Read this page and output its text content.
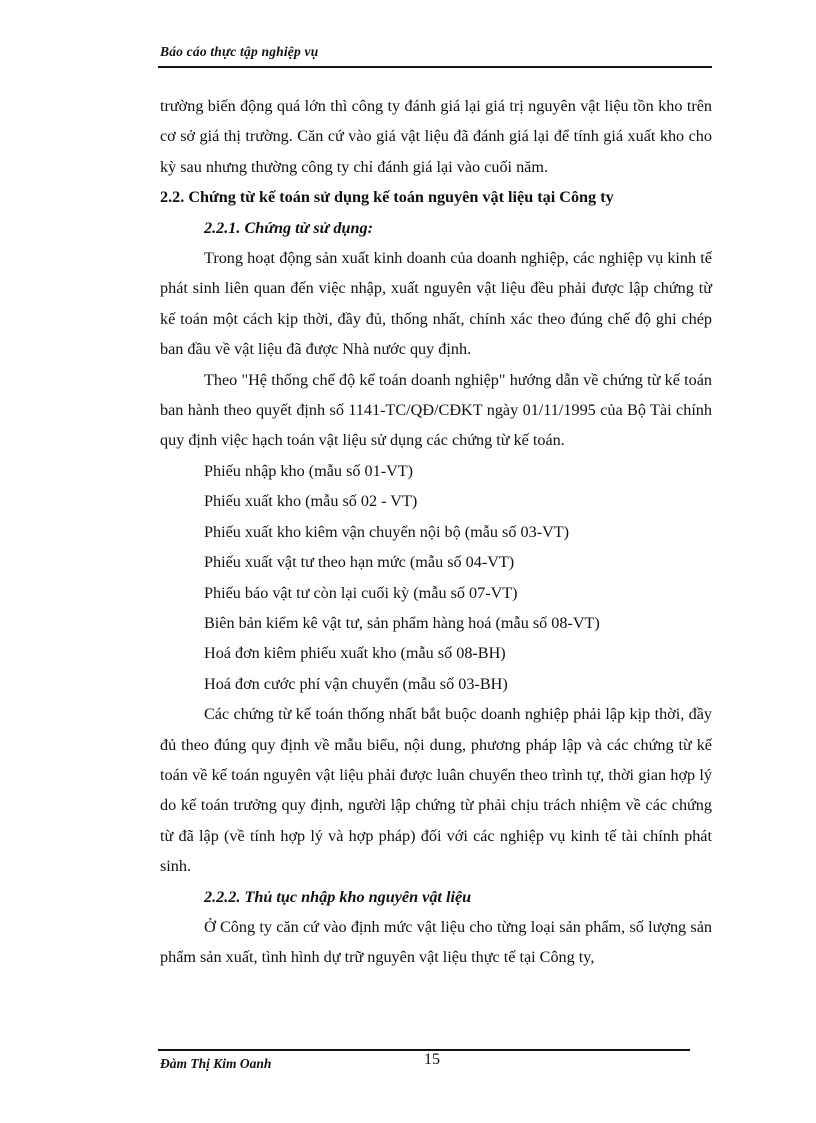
Báo cáo thực tập nghiệp vụ

trường biến động quá lớn thì công ty đánh giá lại giá trị nguyên vật liệu tồn kho trên cơ sở giá thị trường. Căn cứ vào giá vật liệu đã đánh giá lại để tính giá xuất kho cho kỳ sau nhưng thường công ty chỉ đánh giá lại vào cuối năm.

2.2. Chứng từ kế toán sử dụng kế toán nguyên vật liệu tại Công ty

2.2.1. Chứng từ sử dụng:

Trong hoạt động sản xuất kinh doanh của doanh nghiệp, các nghiệp vụ kinh tế phát sinh liên quan đến việc nhập, xuất nguyên vật liệu đều phải được lập chứng từ kế toán một cách kịp thời, đầy đủ, thống nhất, chính xác theo đúng chế độ ghi chép ban đầu về vật liệu đã được Nhà nước quy định.

Theo "Hệ thống chế độ kế toán doanh nghiệp" hướng dẫn về chứng từ kế toán ban hành theo quyết định số 1141-TC/QĐ/CĐKT ngày 01/11/1995 của Bộ Tài chính quy định việc hạch toán vật liệu sử dụng các chứng từ kế toán.

Phiếu nhập kho (mẫu số 01-VT)

Phiếu xuất kho (mẫu số 02 - VT)

Phiếu xuất kho kiêm vận chuyển nội bộ (mẫu số 03-VT)

Phiếu xuất vật tư theo hạn mức (mẫu số 04-VT)

Phiếu báo vật tư còn lại cuối kỳ (mẫu số 07-VT)

Biên bản kiểm kê vật tư, sản phẩm hàng hoá (mẫu số 08-VT)

Hoá đơn kiêm phiếu xuất kho (mẫu số 08-BH)

Hoá đơn cước phí vận chuyển (mẫu số 03-BH)

Các chứng từ kế toán thống nhất bắt buộc doanh nghiệp phải lập kịp thời, đầy đủ theo đúng quy định về mẫu biểu, nội dung, phương pháp lập và các chứng từ kế toán về kế toán nguyên vật liệu phải được luân chuyển theo trình tự, thời gian hợp lý do kế toán trưởng quy định, người lập chứng từ phải chịu trách nhiệm về các chứng từ đã lập (về tính hợp lý và hợp pháp) đối với các nghiệp vụ kinh tế tài chính phát sinh.

2.2.2. Thủ tục nhập kho nguyên vật liệu

Ở Công ty căn cứ vào định mức vật liệu cho từng loại sản phẩm, số lượng sản phẩm sản xuất, tình hình dự trữ nguyên vật liệu thực tế tại Công ty,

Đàm Thị Kim Oanh	15
